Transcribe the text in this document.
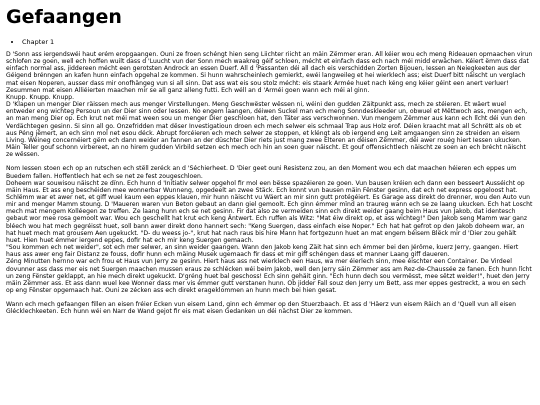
Gefaangen
• Chapter 1

D 'Sonn ass iergendswéi haut erém eropgaangen. Ouni ze froen schéngt hien seng Liichter riicht an mäin Zëmmer eran. All kéier wou ech meng Rideauen opmaachen virun schlofen ze goen, well ech hoffen wuilt dass d 'Luucht vun der Sonn mech waakreg géif schloen, mécht et einfach dass ech nach méi midd erwächen. Kéiert ëmm dass dat einfach normal ass, jiddereen mécht een gerotsten Androck an essen Duerf. All d 'Passanten déi all dach eis verschidden Zorten Bijouen, Iessen an Neiegkeeten aus der Géigend brénngen an kafen hunn einfach opgehal ze kommen. Si hunn wahrscheinlech gemierkt, ewéi langweileg et hei wierklech ass; eist Duerf bitt näischt un verglach mat eisen Noperen, ausser dass mir onofhängeg vun si all sinn. Dat ass wat eis sou stolz mécht: eis staark Armée huet nach kéng eng kéier géint een anert verluer! Zesummen mat eisen Alliéierten maachen mir se all ganz alleng futti. Ech wéll an d 'Arméi goen wann ech méi al ginn.

Knupp. Knupp. Knupp.

D 'Klapen un menger Dier räissen mech aus menger Virstellungen. Meng Geschwëster wëssen ni, wéini den gudden Zäitpunkt ass, mech ze stéieren. Et wäert wuel entweder eng wichteg Persoun un der Dier sinn oder Iessen. No engem laangen, déiwen Suckel man ech meng Sonndeskleeder un, obwuel et Mëttwoch ass, mengen ech, an man meng Dier op. Ech krut net méi mat ween sou un menger Dier geschloen hat, den Täter ass verschwonnen. Vun mengem Zëmmer aus kann ech lîcht déi vun den Verdächtegen gesinn. Si sinn all go. Onzefridden mat dëser Investigatioun droen ech mech selwer eis schmaal Trap aus Holz erof. Déien kraacht mat all Schrëtt als ob et aus Péng jëmert, an ech sinn mol net esou déck. Abrupt forcéieren ech mech selwer ze stoppen, et kléngt als ob iergend eng Leit amgaangen sinn ze streiden an eisem Living. Wéineg concernéiert gëm ech dann weider an fannen an der düschter Dier riets just mang zwee Elteren an déisen Zëmmer, déi awer rouég hiert Iessen ukucken. Mäin Teller gouf schonn virbereet, an no hirem gudden Virbild setzen ech mech och hin an soen guer näischt. Et gouf offensichtlech näischt ze soen an ech brécht näischt ze wëssen.

Nom Iessen stoen ech op an rutschen ech stëll zeréck an d 'Séchierheet. D 'Dier geet ouni Resistenz zou, an den Moment wou ech dat maachen héieren ech eppes um Buedem fallen. Hoffentlech hat ech se net ze fest zougeschloen.

Doheem war souwisou näischt ze dïnn. Ech hunn d 'Initiativ selwer opgehol fir mol een bësse spazéieren ze goen. Vun bausen kréien ech dann een besseert Ausséicht op mäin Haus. Et ass eng beschéiden mee wonnerbar Wunneng, opgedeelt an zwee Stäck. Ech konnt vun bausen mäin Fënster gesinn, dat ech net express opgeloost hat. Schlëmm war et awer net, et giff wuel kaum een eppes klauen, mir hunn näischt vu Wäert an mir sinn gutt protégéiert. Es Garage ass direkt do drenner, wou den Auto vun mir and menger Mamm stoung. D 'Maueren waren vun Beton gebaut an dann giel gemoolt. Ech ginn émmer mïnd an traureg wann ech se ze laang ukucken. Ech hat Loscht mech mat mengem Kolléegen ze treffen. Ze laang hunn ech se net gesinn. Fir dat also ze vermeiden sinn ech direkt weider gaang beim Haus vun Jakob, dat identesch gebaut wor mee rosa gemoolt war. Wou ech geschellt hat krut ech keng Äntwert. Ech ruffen als Witz: "Mat éiw direkt op, et ass wichteg!" Den Jakob seng Mamm war ganz bléech wou hat mech gegréisst huet, soll bann awer direkt dono hannert sech: "Keng Suergen, dass einfach eise Noper." Ech hat hat gefrot op den Jakob doheem war, an hat huet mech mat grousem Aen ugekuckt. "D- du weess jo-", krut hat nach raus bis hire Mann hat fortgezunn huet an mat engem béisem Blëck mir d 'Dier zou gehält huet. Hien huet émmer iergend eppes, dofir hat ech mir keng Suergen gemaach.

"Sou kommen ech net weider", sot ech mer selwer, an sinn weider gaangen. Wann den Jakob keng Zäit hat sinn ech émmer bei den Jérôme, kuerz Jerry, gaangen. Hiert haus ass awer eng fair Distanz ze fouss, dofir hunn ech mäing Musek ugemaach fir dass et mir giff schéngen dass et manner Laang giff daueren.

Zéng Minutten hernno war ech frou et Haus vun Jerry ze gesinn. Hiert haus ass net wierklech een Haus, wa mer éierlech sinn, mee éischter een Container. De Virdeel dovunner ass dass mer eis net Suergen maachen mussen eraus ze schlécken wéi beim Jakob, well den Jerry säin Zëmmer ass am Rez-de-Chaussée ze fanen. Ech hunn lîcht un zeng Fënster geklappt, an hie mech direkt ugekuckt. D'gréng huet bal geschoss! Ech sinn gehäit ginn. "Ech hunn dech sou vermësst, mee sëtzt weider!", huet den Jerry mäin Zëmmer ass. Et ass dann wuel kee Wonner dass mer vis émmer gutt verstanen hunn. Ob jidder Fall souz den Jerry um Bett, ass mer eppes gestreckt, a wou en sech op eng Fënster opgemaach hat. Ouni ze zécken ass ech direkt erageklommen an hunn mech bei hien gesat.

Wann ech mech gefaangen fillen an eisen fréier Ecken vun eisem Land, ginn ech émmer op den Stuerzbaach. Et ass d 'Häerz vun eisem Räich an d 'Quell vun all eisen Glécklechkeeten. Ech hunn wéi en Narr de Wand gejot fir eis mat eisen Gedanken un déi nächst Dier ze kommen.
